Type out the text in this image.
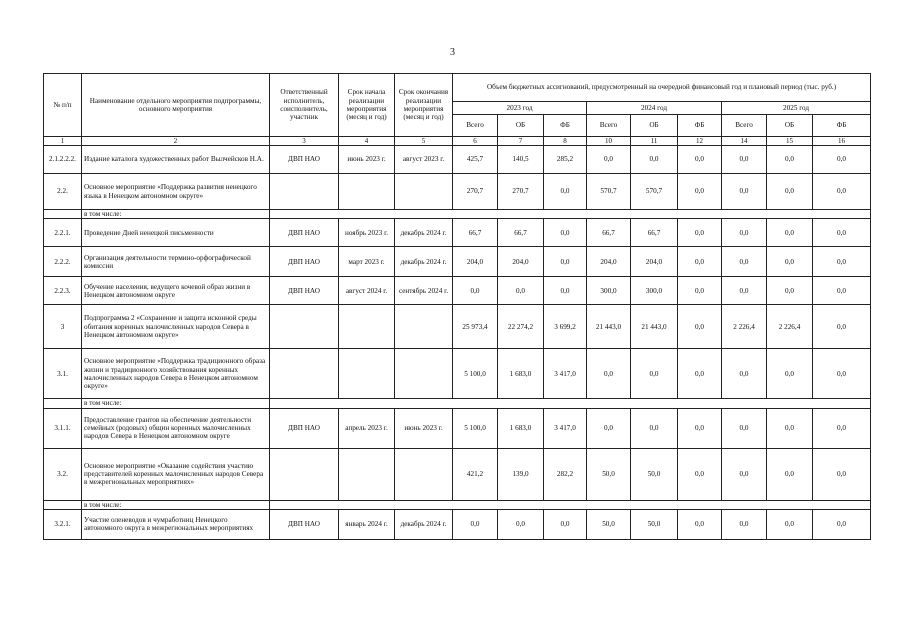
3
№ п/п	Наименование отдельного мероприятия подпрограммы, основного мероприятия	Ответственный исполнитель, соисполнитель, участник	Срок начала реализации мероприятия (месяц и год)	Срок окончания реализации мероприятия (месяц и год)	Объем бюджетных ассигнований, предусмотренный на очередной финансовый год и плановый период (тыс. руб.)								
					2023 год			2024 год			2025 год		
					Всего	ОБ	ФБ	Всего	ОБ	ФБ	Всего	ОБ	ФБ
1	2	3	4	5	6	7	8	10	11	12	14	15	16
2.1.2.2.2.	Издание каталога художественных работ Вылчейсков Н.А.	ДВП НАО	июнь 2023 г.	август 2023 г.	425,7	140,5	285,2	0,0	0,0	0,0	0,0	0,0	0,0
2.2.	Основное мероприятие «Поддержка развития ненецкого языка в Ненецком автономном округе»				270,7	270,7	0,0	570,7	570,7	0,0	0,0	0,0	0,0
	в том числе:												
2.2.1.	Проведение Дней ненецкой письменности	ДВП НАО	ноябрь 2023 г.	декабрь 2024 г.	66,7	66,7	0,0	66,7	66,7	0,0	0,0	0,0	0,0
2.2.2.	Организация деятельности термино-орфографической комиссии	ДВП НАО	март 2023 г.	декабрь 2024 г.	204,0	204,0	0,0	204,0	204,0	0,0	0,0	0,0	0,0
2.2.3.	Обучение населения, ведущего кочевой образ жизни в Ненецком автономном округе	ДВП НАО	август 2024 г.	сентябрь 2024 г.	0,0	0,0	0,0	300,0	300,0	0,0	0,0	0,0	0,0
3	Подпрограмма 2 «Сохранение и защита исконной среды обитания коренных малочисленных народов Севера в Ненецком автономном округе»				25 973,4	22 274,2	3 699,2	21 443,0	21 443,0	0,0	2 226,4	2 226,4	0,0
3.1.	Основное мероприятие «Поддержка традиционного образа жизни и традиционного хозяйствования коренных малочисленных народов Севера в Ненецком автономном округе»				5 100,0	1 683,0	3 417,0	0,0	0,0	0,0	0,0	0,0	0,0
	в том числе:												
3.1.1.	Предоставление грантов на обеспечение деятельности семейных (родовых) общин коренных малочисленных народов Севера в Ненецком автономном округе	ДВП НАО	апрель 2023 г.	июнь 2023 г.	5 100,0	1 683,0	3 417,0	0,0	0,0	0,0	0,0	0,0	0,0
3.2.	Основное мероприятие «Оказание содействия участию представителей коренных малочисленных народов Севера в межрегиональных мероприятиях»				421,2	139,0	282,2	50,0	50,0	0,0	0,0	0,0	0,0
	в том числе:												
3.2.1.	Участие оленеводов и чумработниц Ненецкого автономного округа в межрегиональных мероприятиях	ДВП НАО	январь 2024 г.	декабрь 2024 г.	0,0	0,0	0,0	50,0	50,0	0,0	0,0	0,0	0,0
